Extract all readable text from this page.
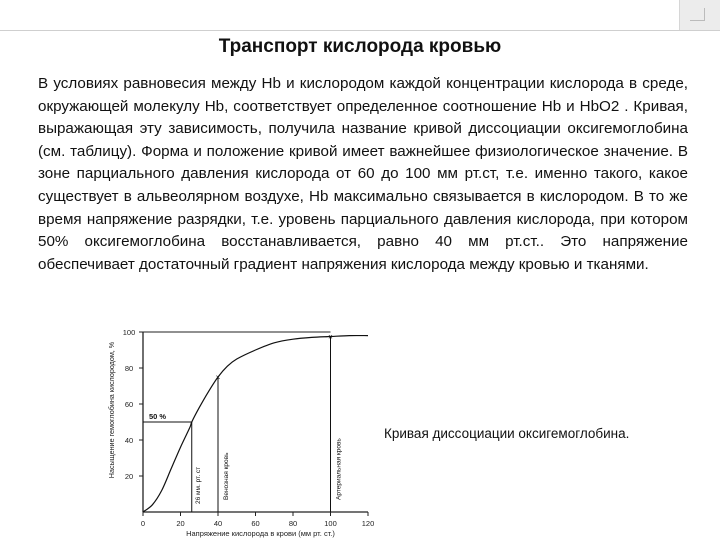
Транспорт кислорода кровью
В условиях равновесия между Hb и кислородом каждой концентрации кислорода в среде, окружающей молекулу Hb, соответствует определенное соотношение Hb и HbO2 . Кривая, выражающая эту зависимость, получила название кривой диссоциации оксигемоглобина (см. таблицу). Форма и положение кривой имеет важнейшее физиологическое значение. В зоне парциального давления кислорода от 60 до 100 мм рт.ст, т.е. именно такого, какое существует в альвеолярном воздухе, Hb максимально связывается в кислородом. В то же время напряжение разрядки, т.е. уровень парциального давления кислорода, при котором 50% оксигемоглобина восстанавливается, равно 40 мм рт.ст.. Это напряжение обеспечивает достаточный градиент напряжения кислорода между кровью и тканями.
0	20	40	60	80	100	120
20
40
60
80
100
Напряжение кислорода в крови (мм рт. ст.)
Насыщение гемоглобина кислородом, %	50 %
26 мм. рт. ст
×
Венозная кровь
×
Артериальная кровь
Кривая диссоциации оксигемоглобина.
